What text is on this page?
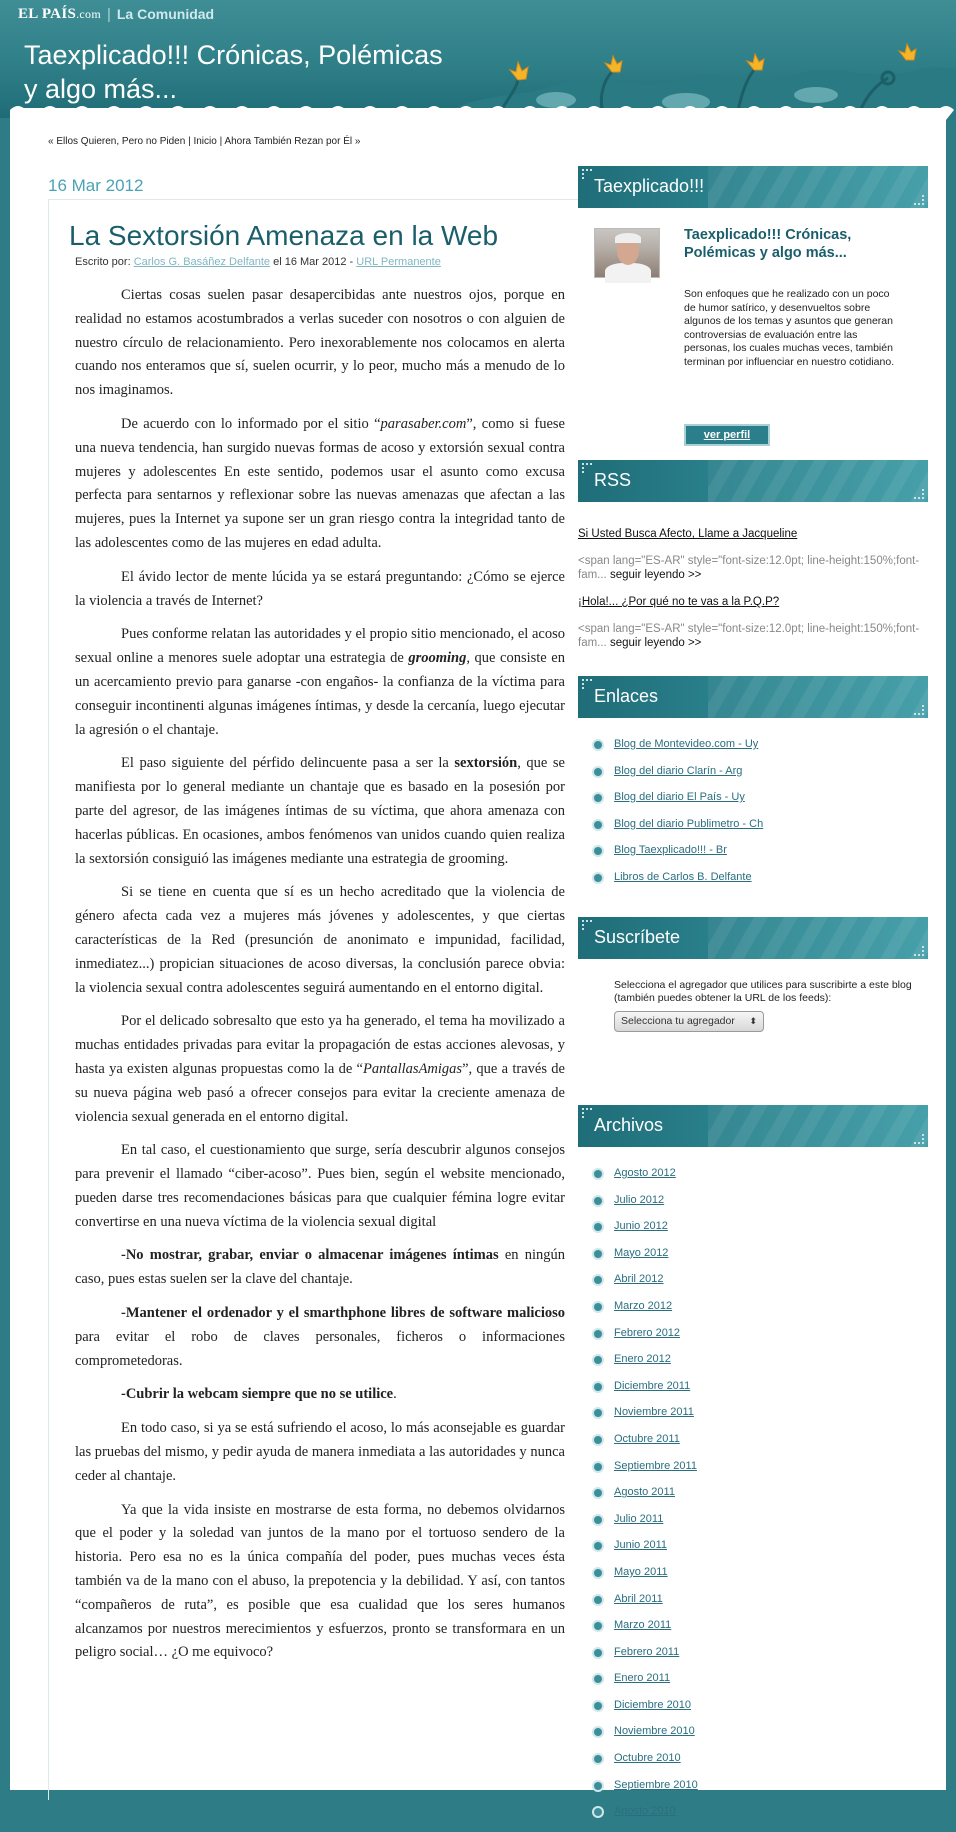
EL PAÍS.com | La Comunidad
Taexplicado!!! Crónicas, Polémicas y algo más...
« Ellos Quieren, Pero no Piden | Inicio | Ahora También Rezan por Él »
16 Mar 2012
La Sextorsión Amenaza en la Web
Escrito por: Carlos G. Basáñez Delfante el 16 Mar 2012 - URL Permanente

Ciertas cosas suelen pasar desapercibidas ante nuestros ojos, porque en realidad no estamos acostumbrados a verlas suceder con nosotros o con alguien de nuestro círculo de relacionamiento. Pero inexorablemente nos colocamos en alerta cuando nos enteramos que sí, suelen ocurrir, y lo peor, mucho más a menudo de lo nos imaginamos.

De acuerdo con lo informado por el sitio “parasaber.com”, como si fuese una nueva tendencia, han surgido nuevas formas de acoso y extorsión sexual contra mujeres y adolescentes En este sentido, podemos usar el asunto como excusa perfecta para sentarnos y reflexionar sobre las nuevas amenazas que afectan a las mujeres, pues la Internet ya supone ser un gran riesgo contra la integridad tanto de las adolescentes como de las mujeres en edad adulta.

El ávido lector de mente lúcida ya se estará preguntando: ¿Cómo se ejerce la violencia a través de Internet?

Pues conforme relatan las autoridades y el propio sitio mencionado, el acoso sexual online a menores suele adoptar una estrategia de grooming, que consiste en un acercamiento previo para ganarse -con engaños- la confianza de la víctima para conseguir incontinenti algunas imágenes íntimas, y desde la cercanía, luego ejecutar la agresión o el chantaje.

El paso siguiente del pérfido delincuente pasa a ser la sextorsión, que se manifiesta por lo general mediante un chantaje que es basado en la posesión por parte del agresor, de las imágenes íntimas de su víctima, que ahora amenaza con hacerlas públicas. En ocasiones, ambos fenómenos van unidos cuando quien realiza la sextorsión consiguió las imágenes mediante una estrategia de grooming.

Si se tiene en cuenta que sí es un hecho acreditado que la violencia de género afecta cada vez a mujeres más jóvenes y adolescentes, y que ciertas características de la Red (presunción de anonimato e impunidad, facilidad, inmediatez...) propician situaciones de acoso diversas, la conclusión parece obvia: la violencia sexual contra adolescentes seguirá aumentando en el entorno digital.

Por el delicado sobresalto que esto ya ha generado, el tema ha movilizado a muchas entidades privadas para evitar la propagación de estas acciones alevosas, y hasta ya existen algunas propuestas como la de “PantallasAmigas”, que a través de su nueva página web pasó a ofrecer consejos para evitar la creciente amenaza de violencia sexual generada en el entorno digital.

En tal caso, el cuestionamiento que surge, sería descubrir algunos consejos para prevenir el llamado “ciber-acoso”. Pues bien, según el website mencionado, pueden darse tres recomendaciones básicas para que cualquier fémina logre evitar convertirse en una nueva víctima de la violencia sexual digital

-No mostrar, grabar, enviar o almacenar imágenes íntimas en ningún caso, pues estas suelen ser la clave del chantaje.

-Mantener el ordenador y el smarthphone libres de software malicioso para evitar el robo de claves personales, ficheros o informaciones comprometedoras.

-Cubrir la webcam siempre que no se utilice.

En todo caso, si ya se está sufriendo el acoso, lo más aconsejable es guardar las pruebas del mismo, y pedir ayuda de manera inmediata a las autoridades y nunca ceder al chantaje.

Ya que la vida insiste en mostrarse de esta forma, no debemos olvidarnos que el poder y la soledad van juntos de la mano por el tortuoso sendero de la historia. Pero esa no es la única compañía del poder, pues muchas veces ésta también va de la mano con el abuso, la prepotencia y la debilidad. Y así, con tantos “compañeros de ruta”, es posible que esa cualidad que los seres humanos alcanzamos por nuestros merecimientos y esfuerzos, pronto se transformara en un peligro social… ¿O me equivoco?

Taexplicado!!!
Taexplicado!!! Crónicas, Polémicas y algo más...
Son enfoques que he realizado con un poco de humor satírico, y desenvueltos sobre algunos de los temas y asuntos que generan controversias de evaluación entre las personas, los cuales muchas veces, también terminan por influenciar en nuestro cotidiano.
ver perfil
RSS
Si Usted Busca Afecto, Llame a Jacqueline
<span lang="ES-AR" style="font-size:12.0pt; line-height:150%;font-fam... seguir leyendo >>
¡Hola!... ¿Por qué no te vas a la P.Q.P?
<span lang="ES-AR" style="font-size:12.0pt; line-height:150%;font-fam... seguir leyendo >>
Enlaces
Blog de Montevideo.com - Uy
Blog del diario Clarín - Arg
Blog del diario El País - Uy
Blog del diario Publimetro - Ch
Blog Taexplicado!!! - Br
Libros de Carlos B. Delfante
Suscríbete
Selecciona el agregador que utilices para suscribirte a este blog (también puedes obtener la URL de los feeds):
Selecciona tu agregador ⬍
Archivos
Agosto 2012
Julio 2012
Junio 2012
Mayo 2012
Abril 2012
Marzo 2012
Febrero 2012
Enero 2012
Diciembre 2011
Noviembre 2011
Octubre 2011
Septiembre 2011
Agosto 2011
Julio 2011
Junio 2011
Mayo 2011
Abril 2011
Marzo 2011
Febrero 2011
Enero 2011
Diciembre 2010
Noviembre 2010
Octubre 2010
Septiembre 2010
Agosto 2010
